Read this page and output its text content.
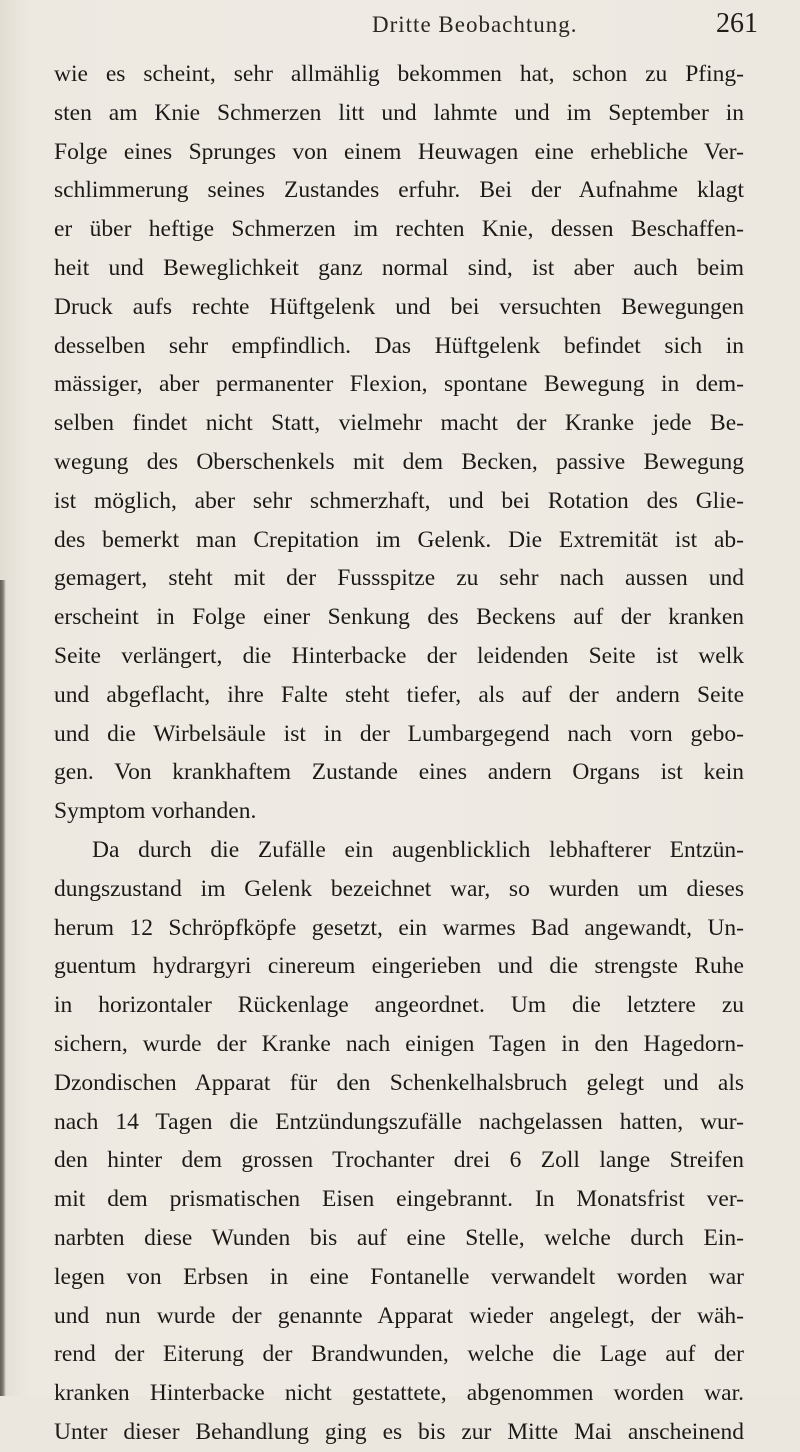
Dritte Beobachtung.	261
wie es scheint, sehr allmählig bekommen hat, schon zu Pfing-
sten am Knie Schmerzen litt und lahmte und im September in
Folge eines Sprunges von einem Heuwagen eine erhebliche Ver-
schlimmerung seines Zustandes erfuhr. Bei der Aufnahme klagt
er über heftige Schmerzen im rechten Knie, dessen Beschaffen-
heit und Beweglichkeit ganz normal sind, ist aber auch beim
Druck aufs rechte Hüftgelenk und bei versuchten Bewegungen
desselben sehr empfindlich. Das Hüftgelenk befindet sich in
mässiger, aber permanenter Flexion, spontane Bewegung in dem-
selben findet nicht Statt, vielmehr macht der Kranke jede Be-
wegung des Oberschenkels mit dem Becken, passive Bewegung
ist möglich, aber sehr schmerzhaft, und bei Rotation des Glie-
des bemerkt man Crepitation im Gelenk. Die Extremität ist ab-
gemagert, steht mit der Fussspitze zu sehr nach aussen und
erscheint in Folge einer Senkung des Beckens auf der kranken
Seite verlängert, die Hinterbacke der leidenden Seite ist welk
und abgeflacht, ihre Falte steht tiefer, als auf der andern Seite
und die Wirbelsäule ist in der Lumbargegend nach vorn gebo-
gen. Von krankhaftem Zustande eines andern Organs ist kein
Symptom vorhanden.
Da durch die Zufälle ein augenblicklich lebhafterer Entzün-
dungszustand im Gelenk bezeichnet war, so wurden um dieses
herum 12 Schröpfköpfe gesetzt, ein warmes Bad angewandt, Un-
guentum hydrargyri cinereum eingerieben und die strengste Ruhe
in horizontaler Rückenlage angeordnet. Um die letztere zu
sichern, wurde der Kranke nach einigen Tagen in den Hagedorn-
Dzondischen Apparat für den Schenkelhalsbruch gelegt und als
nach 14 Tagen die Entzündungszufälle nachgelassen hatten, wur-
den hinter dem grossen Trochanter drei 6 Zoll lange Streifen
mit dem prismatischen Eisen eingebrannt. In Monatsfrist ver-
narbten diese Wunden bis auf eine Stelle, welche durch Ein-
legen von Erbsen in eine Fontanelle verwandelt worden war
und nun wurde der genannte Apparat wieder angelegt, der wäh-
rend der Eiterung der Brandwunden, welche die Lage auf der
kranken Hinterbacke nicht gestattete, abgenommen worden war.
Unter dieser Behandlung ging es bis zur Mitte Mai anscheinend
